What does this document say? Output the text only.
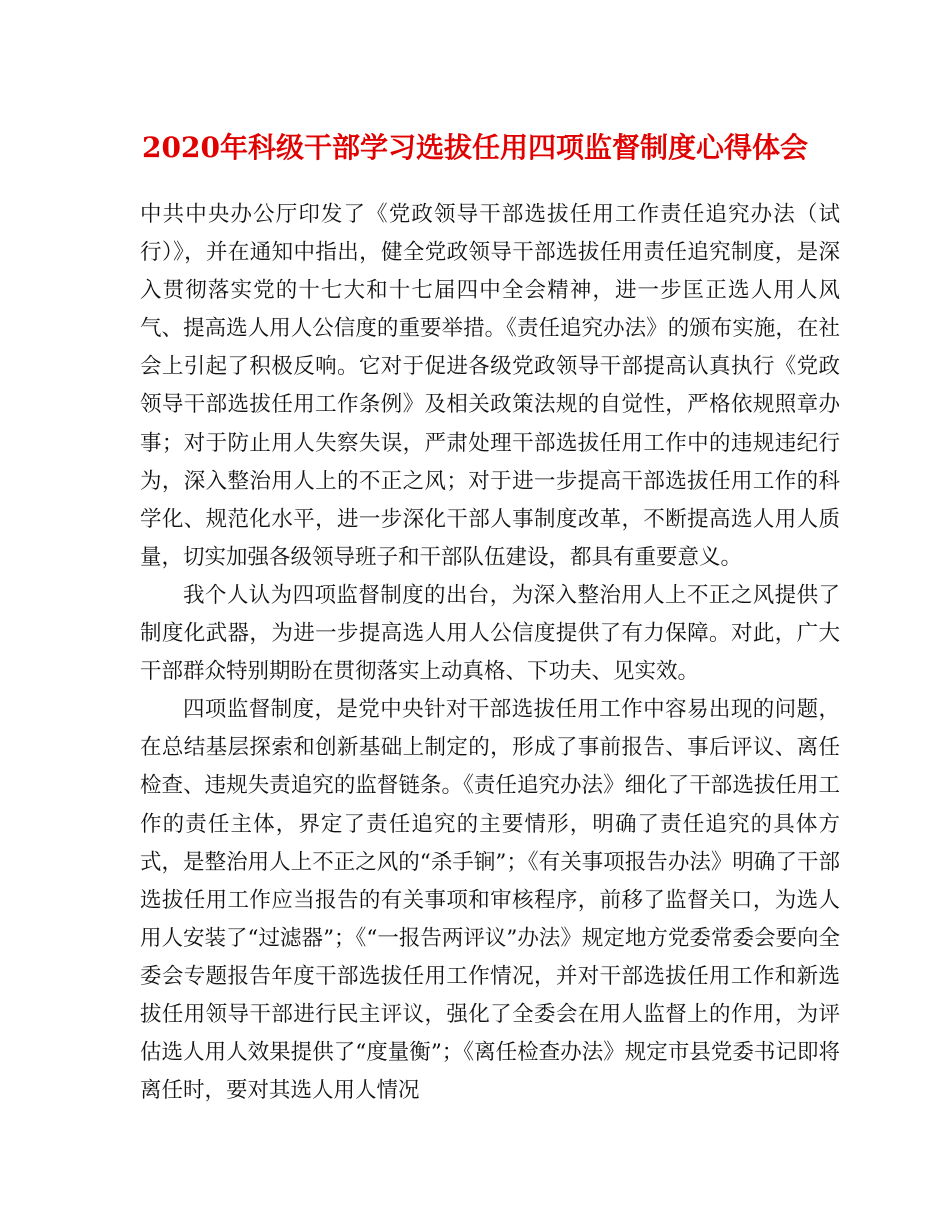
2020年科级干部学习选拔任用四项监督制度心得体会

中共中央办公厅印发了《党政领导干部选拔任用工作责任追究办法（试行）》，并在通知中指出，健全党政领导干部选拔任用责任追究制度，是深入贯彻落实党的十七大和十七届四中全会精神，进一步匡正选人用人风气、提高选人用人公信度的重要举措。《责任追究办法》的颁布实施，在社会上引起了积极反响。它对于促进各级党政领导干部提高认真执行《党政领导干部选拔任用工作条例》及相关政策法规的自觉性，严格依规照章办事；对于防止用人失察失误，严肃处理干部选拔任用工作中的违规违纪行为，深入整治用人上的不正之风；对于进一步提高干部选拔任用工作的科学化、规范化水平，进一步深化干部人事制度改革，不断提高选人用人质量，切实加强各级领导班子和干部队伍建设，都具有重要意义。

我个人认为四项监督制度的出台，为深入整治用人上不正之风提供了制度化武器，为进一步提高选人用人公信度提供了有力保障。对此，广大干部群众特别期盼在贯彻落实上动真格、下功夫、见实效。

四项监督制度，是党中央针对干部选拔任用工作中容易出现的问题，在总结基层探索和创新基础上制定的，形成了事前报告、事后评议、离任检查、违规失责追究的监督链条。《责任追究办法》细化了干部选拔任用工作的责任主体，界定了责任追究的主要情形，明确了责任追究的具体方式，是整治用人上不正之风的“杀手锏”；《有关事项报告办法》明确了干部选拔任用工作应当报告的有关事项和审核程序，前移了监督关口，为选人用人安装了“过滤器”；《“一报告两评议”办法》规定地方党委常委会要向全委会专题报告年度干部选拔任用工作情况，并对干部选拔任用工作和新选拔任用领导干部进行民主评议，强化了全委会在用人监督上的作用，为评估选人用人效果提供了“度量衡”；《离任检查办法》规定市县党委书记即将离任时，要对其选人用人情况
